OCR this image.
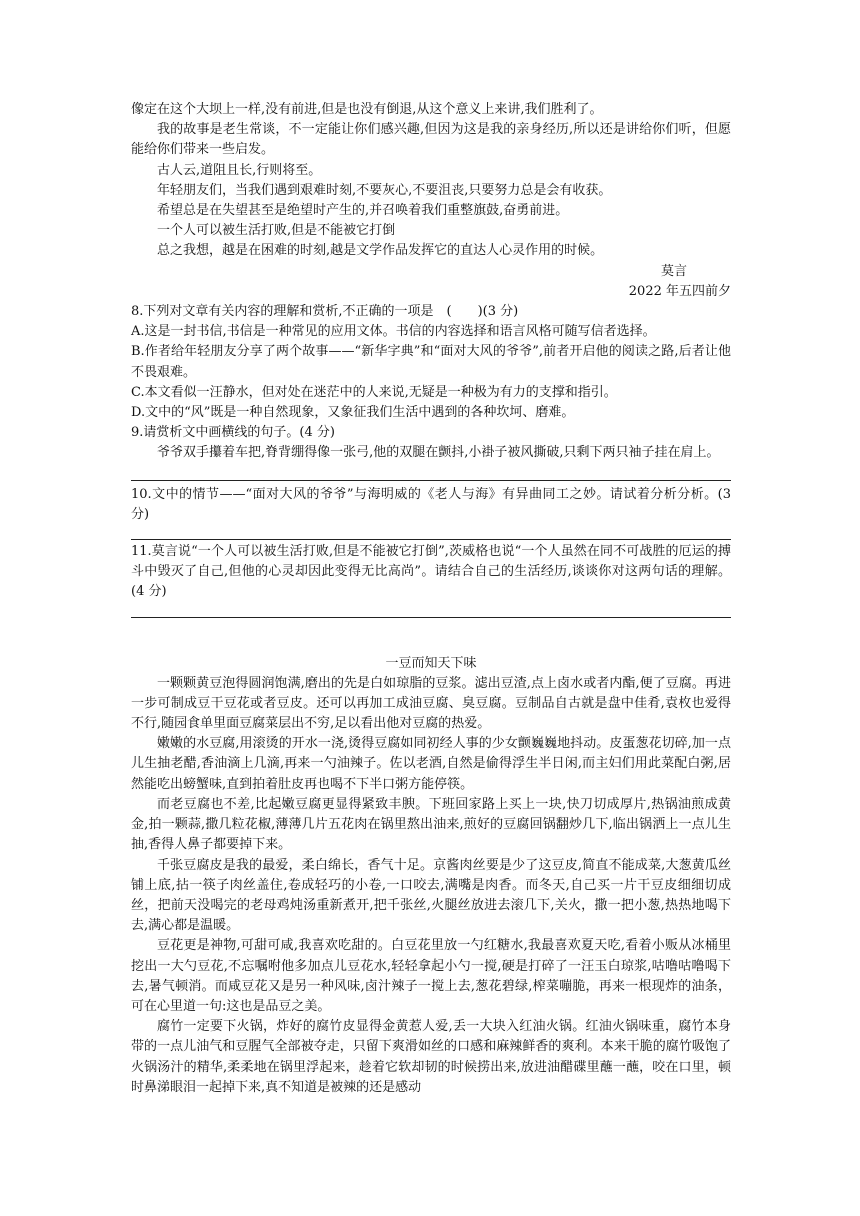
像定在这个大坝上一样,没有前进,但是也没有倒退,从这个意义上来讲,我们胜利了。

我的故事是老生常谈，不一定能让你们感兴趣,但因为这是我的亲身经历,所以还是讲给你们听，但愿能给你们带来一些启发。

古人云,道阻且长,行则将至。

年轻朋友们，当我们遇到艰难时刻,不要灰心,不要沮丧,只要努力总是会有收获。

希望总是在失望甚至是绝望时产生的,并召唤着我们重整旗鼓,奋勇前进。

一个人可以被生活打败,但是不能被它打倒

总之我想，越是在困难的时刻,越是文学作品发挥它的直达人心灵作用的时候。

莫言

2022 年五四前夕

8.下列对文章有关内容的理解和赏析,不正确的一项是　(　　)(3 分)

A.这是一封书信,书信是一种常见的应用文体。书信的内容选择和语言风格可随写信者选择。

B.作者给年轻朋友分享了两个故事——“新华字典”和“面对大风的爷爷”,前者开启他的阅读之路,后者让他不畏艰难。

C.本文看似一汪静水，但对处在迷茫中的人来说,无疑是一种极为有力的支撑和指引。

D.文中的“风”既是一种自然现象，又象征我们生活中遇到的各种坎坷、磨难。

9.请赏析文中画横线的句子。(4 分)

爷爷双手攥着车把,脊背绷得像一张弓,他的双腿在颤抖,小褂子被风撕破,只剩下两只袖子挂在肩上。

10.文中的情节——“面对大风的爷爷”与海明威的《老人与海》有异曲同工之妙。请试着分析分析。(3 分)

11.莫言说“一个人可以被生活打败,但是不能被它打倒”,茨威格也说“一个人虽然在同不可战胜的厄运的搏斗中毁灭了自己,但他的心灵却因此变得无比高尚”。请结合自己的生活经历,谈谈你对这两句话的理解。(4 分)

一豆而知天下味

一颗颗黄豆泡得圆润饱满,磨出的先是白如琼脂的豆浆。滤出豆渣,点上卤水或者内酯,便了豆腐。再进一步可制成豆干豆花或者豆皮。还可以再加工成油豆腐、臭豆腐。豆制品自古就是盘中佳肴,袁枚也爱得不行,随园食单里面豆腐菜层出不穷,足以看出他对豆腐的热爱。

嫩嫩的水豆腐,用滚烫的开水一浇,烫得豆腐如同初经人事的少女颤巍巍地抖动。皮蛋葱花切碎,加一点儿生抽老醋,香油滴上几滴,再来一勺油辣子。佐以老酒,自然是偷得浮生半日闲,而主妇们用此菜配白粥,居然能吃出螃蟹味,直到拍着肚皮再也喝不下半口粥方能停筷。

而老豆腐也不差,比起嫩豆腐更显得紧致丰腴。下班回家路上买上一块,快刀切成厚片,热锅油煎成黄金,拍一颗蒜,撒几粒花椒,薄薄几片五花肉在锅里熬出油来,煎好的豆腐回锅翻炒几下,临出锅洒上一点儿生抽,香得人鼻子都要掉下来。

千张豆腐皮是我的最爱，柔白绵长，香气十足。京酱肉丝要是少了这豆皮,简直不能成菜,大葱黄瓜丝铺上底,拈一筷子肉丝盖住,卷成轻巧的小卷,一口咬去,满嘴是肉香。而冬天,自己买一片干豆皮细细切成丝，把前天没喝完的老母鸡炖汤重新煮开,把千张丝,火腿丝放进去滚几下,关火，撒一把小葱,热热地喝下去,满心都是温暖。

豆花更是神物,可甜可咸,我喜欢吃甜的。白豆花里放一勺红糖水,我最喜欢夏天吃,看着小贩从冰桶里挖出一大勺豆花,不忘嘱咐他多加点儿豆花水,轻轻拿起小勺一搅,硬是打碎了一汪玉白琼浆,咕噜咕噜喝下去,暑气顿消。而咸豆花又是另一种风味,卤汁辣子一搅上去,葱花碧绿,榨菜嘣脆，再来一根现炸的油条，可在心里道一句:这也是品豆之美。

腐竹一定要下火锅，炸好的腐竹皮显得金黄惹人爱,丢一大块入红油火锅。红油火锅味重，腐竹本身带的一点儿油气和豆腥气全部被夺走，只留下爽滑如丝的口感和麻辣鲜香的爽利。本来干脆的腐竹吸饱了火锅汤汁的精华,柔柔地在锅里浮起来，趁着它软却韧的时候捞出来,放进油醋碟里蘸一蘸，咬在口里，顿时鼻涕眼泪一起掉下来,真不知道是被辣的还是感动
